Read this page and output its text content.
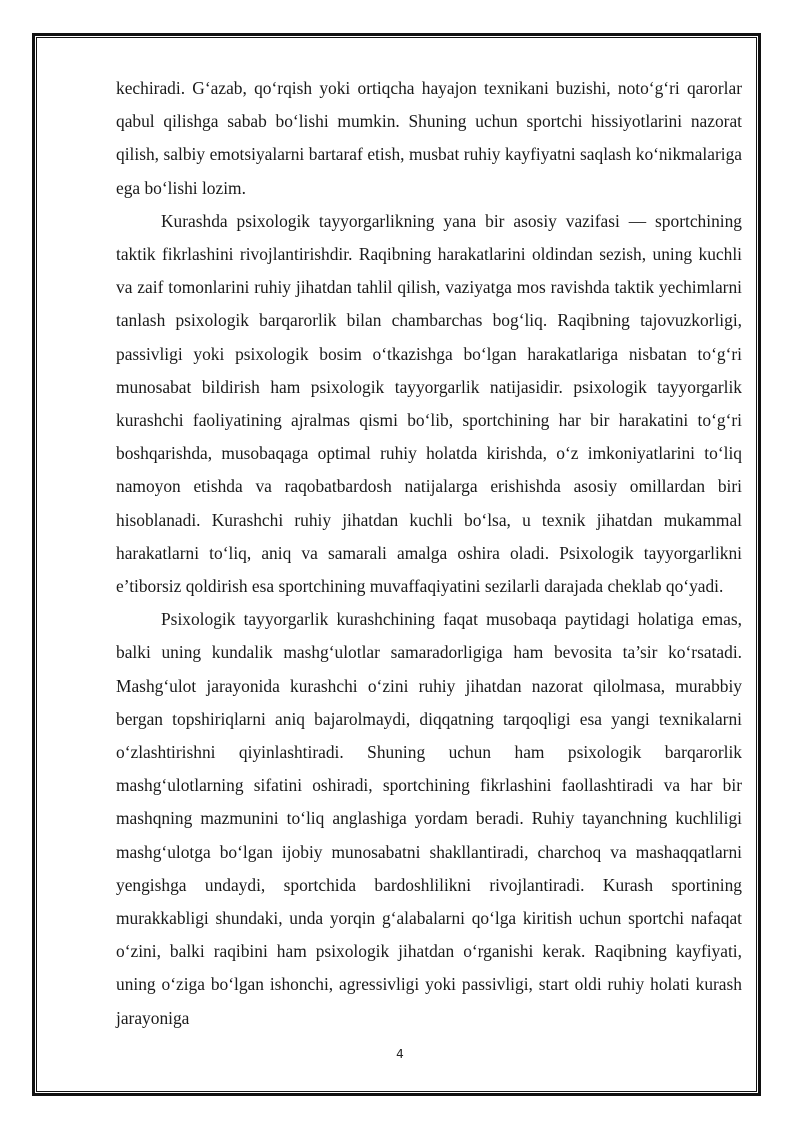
kechiradi. G‘azab, qo‘rqish yoki ortiqcha hayajon texnikani buzishi, noto‘g‘ri qarorlar qabul qilishga sabab bo‘lishi mumkin. Shuning uchun sportchi hissiyotlarini nazorat qilish, salbiy emotsiyalarni bartaraf etish, musbat ruhiy kayfiyatni saqlash ko‘nikmalariga ega bo‘lishi lozim.

Kurashda psixologik tayyorgarlikning yana bir asosiy vazifasi — sportchining taktik fikrlashini rivojlantirishdir. Raqibning harakatlarini oldindan sezish, uning kuchli va zaif tomonlarini ruhiy jihatdan tahlil qilish, vaziyatga mos ravishda taktik yechimlarni tanlash psixologik barqarorlik bilan chambarchas bog‘liq. Raqibning tajovuzkorligi, passivligi yoki psixologik bosim o‘tkazishga bo‘lgan harakatlariga nisbatan to‘g‘ri munosabat bildirish ham psixologik tayyorgarlik natijasidir. psixologik tayyorgarlik kurashchi faoliyatining ajralmas qismi bo‘lib, sportchining har bir harakatini to‘g‘ri boshqarishda, musobaqaga optimal ruhiy holatda kirishda, o‘z imkoniyatlarini to‘liq namoyon etishda va raqobatbardosh natijalarga erishishda asosiy omillardan biri hisoblanadi. Kurashchi ruhiy jihatdan kuchli bo‘lsa, u texnik jihatdan mukammal harakatlarni to‘liq, aniq va samarali amalga oshira oladi. Psixologik tayyorgarlikni e’tiborsiz qoldirish esa sportchining muvaffaqiyatini sezilarli darajada cheklab qo‘yadi.

Psixologik tayyorgarlik kurashchining faqat musobaqa paytidagi holatiga emas, balki uning kundalik mashg‘ulotlar samaradorligiga ham bevosita ta’sir ko‘rsatadi. Mashg‘ulot jarayonida kurashchi o‘zini ruhiy jihatdan nazorat qilolmasa, murabbiy bergan topshiriqlarni aniq bajarolmaydi, diqqatning tarqoqligi esa yangi texnikalarni o‘zlashtirishni qiyinlashtiradi. Shuning uchun ham psixologik barqarorlik mashg‘ulotlarning sifatini oshiradi, sportchining fikrlashini faollashtiradi va har bir mashqning mazmunini to‘liq anglashiga yordam beradi. Ruhiy tayanchning kuchliligi mashg‘ulotga bo‘lgan ijobiy munosabatni shakllantiradi, charchoq va mashaqqatlarni yengishga undaydi, sportchida bardoshlilikni rivojlantiradi. Kurash sportining murakkabligi shundaki, unda yorqin g‘alabalarni qo‘lga kiritish uchun sportchi nafaqat o‘zini, balki raqibini ham psixologik jihatdan o‘rganishi kerak. Raqibning kayfiyati, uning o‘ziga bo‘lgan ishonchi, agressivligi yoki passivligi, start oldi ruhiy holati kurash jarayoniga

4
